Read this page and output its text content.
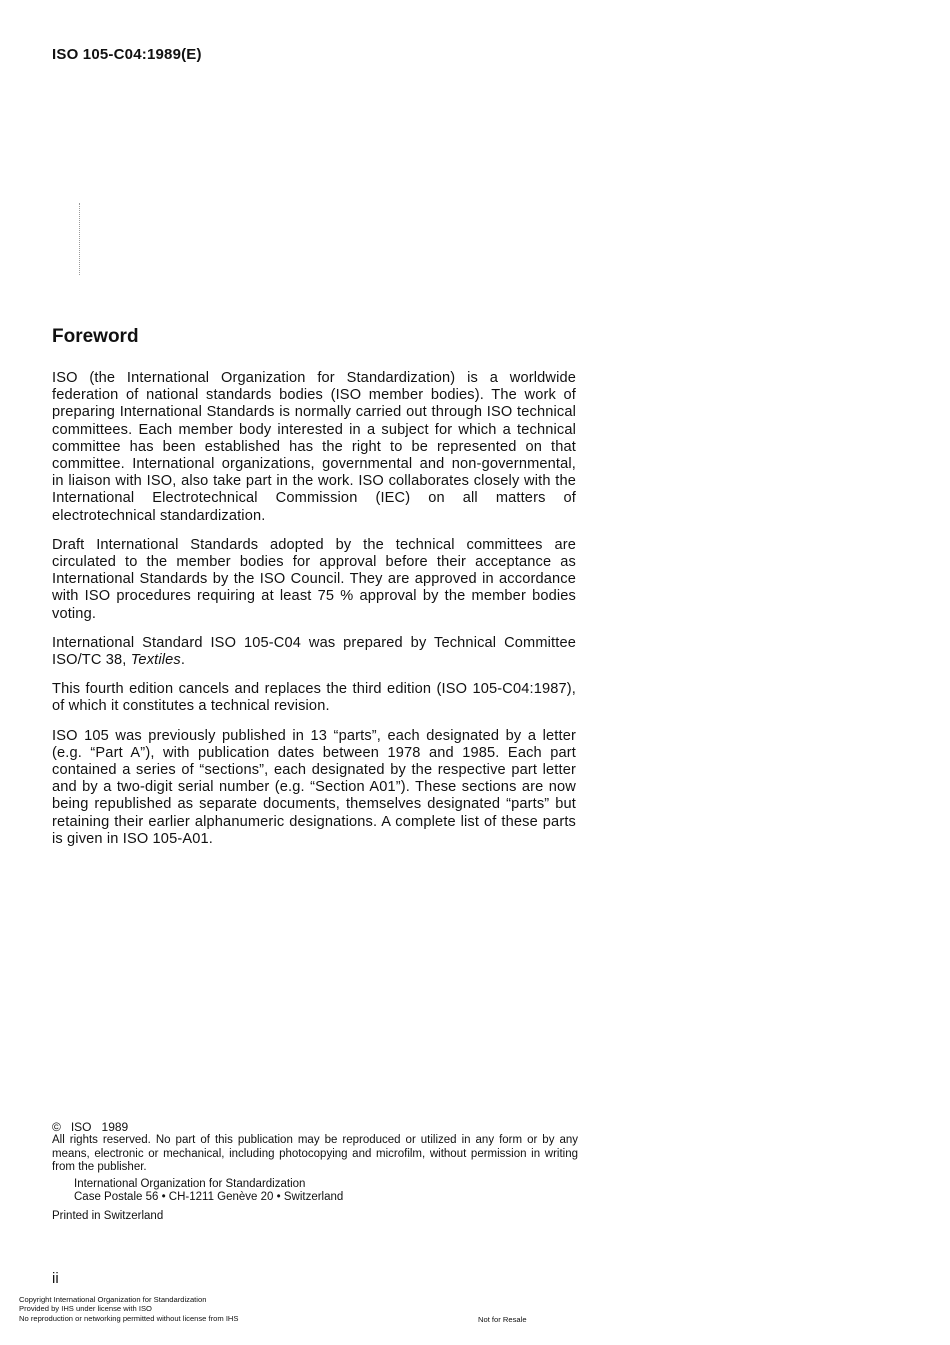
ISO 105-C04:1989(E)
Foreword

ISO (the International Organization for Standardization) is a worldwide federation of national standards bodies (ISO member bodies). The work of preparing International Standards is normally carried out through ISO technical committees. Each member body interested in a subject for which a technical committee has been established has the right to be represented on that committee. International organizations, governmental and non-governmental, in liaison with ISO, also take part in the work. ISO collaborates closely with the International Electrotechnical Commission (IEC) on all matters of electrotechnical standardization.

Draft International Standards adopted by the technical committees are circulated to the member bodies for approval before their acceptance as International Standards by the ISO Council. They are approved in accordance with ISO procedures requiring at least 75 % approval by the member bodies voting.

International Standard ISO 105-C04 was prepared by Technical Committee ISO/TC 38, Textiles.

This fourth edition cancels and replaces the third edition (ISO 105-C04:1987), of which it constitutes a technical revision.

ISO 105 was previously published in 13 “parts”, each designated by a letter (e.g. “Part A”), with publication dates between 1978 and 1985. Each part contained a series of “sections”, each designated by the respective part letter and by a two-digit serial number (e.g. “Section A01”). These sections are now being republished as separate documents, themselves designated “parts” but retaining their earlier alphanumeric designations. A complete list of these parts is given in ISO 105-A01.

© ISO 1989

All rights reserved. No part of this publication may be reproduced or utilized in any form or by any means, electronic or mechanical, including photocopying and microfilm, without permission in writing from the publisher.

International Organization for Standardization
Case Postale 56 • CH-1211 Genève 20 • Switzerland
Printed in Switzerland
ii
Copyright International Organization for Standardization
Provided by IHS under license with ISO
No reproduction or networking permitted without license from IHS	Not for Resale
